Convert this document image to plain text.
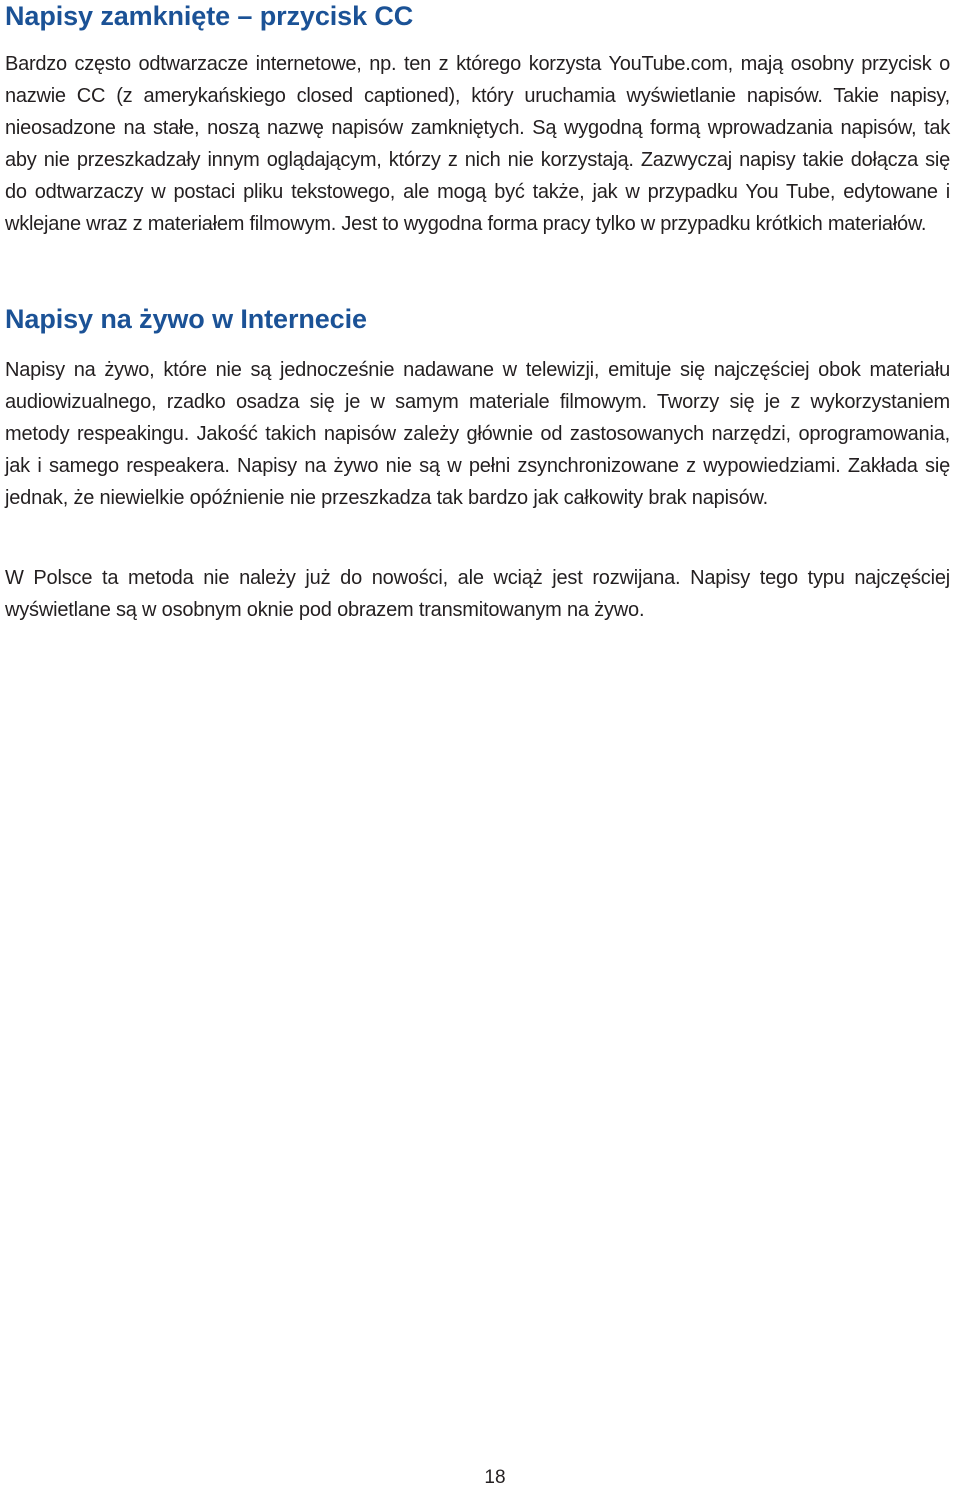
Napisy zamknięte – przycisk CC

Bardzo często odtwarzacze internetowe, np. ten z którego korzysta YouTube.com, mają osobny przycisk o nazwie CC (z amerykańskiego closed captioned), który uruchamia wyświetlanie napisów. Takie napisy, nieosadzone na stałe, noszą nazwę napisów zamkniętych. Są wygodną formą wprowadzania napisów, tak aby nie przeszkadzały innym oglądającym, którzy z nich nie korzystają. Zazwyczaj napisy takie dołącza się do odtwarzaczy w postaci pliku tekstowego, ale mogą być także, jak w przypadku You Tube, edytowane i wklejane wraz z materiałem filmowym. Jest to wygodna forma pracy tylko w przypadku krótkich materiałów.

Napisy na żywo w Internecie

Napisy na żywo, które nie są jednocześnie nadawane w telewizji, emituje się najczęściej obok materiału audiowizualnego, rzadko osadza się je w samym materiale filmowym. Tworzy się je z wykorzystaniem metody respeakingu. Jakość takich napisów zależy głównie od zastosowanych narzędzi, oprogramowania, jak i samego respeakera. Napisy na żywo nie są w pełni zsynchronizowane z wypowiedziami. Zakłada się jednak, że niewielkie opóźnienie nie przeszkadza tak bardzo jak całkowity brak napisów.

W Polsce ta metoda nie należy już do nowości, ale wciąż jest rozwijana. Napisy tego typu najczęściej wyświetlane są w osobnym oknie pod obrazem transmitowanym na żywo.

18
